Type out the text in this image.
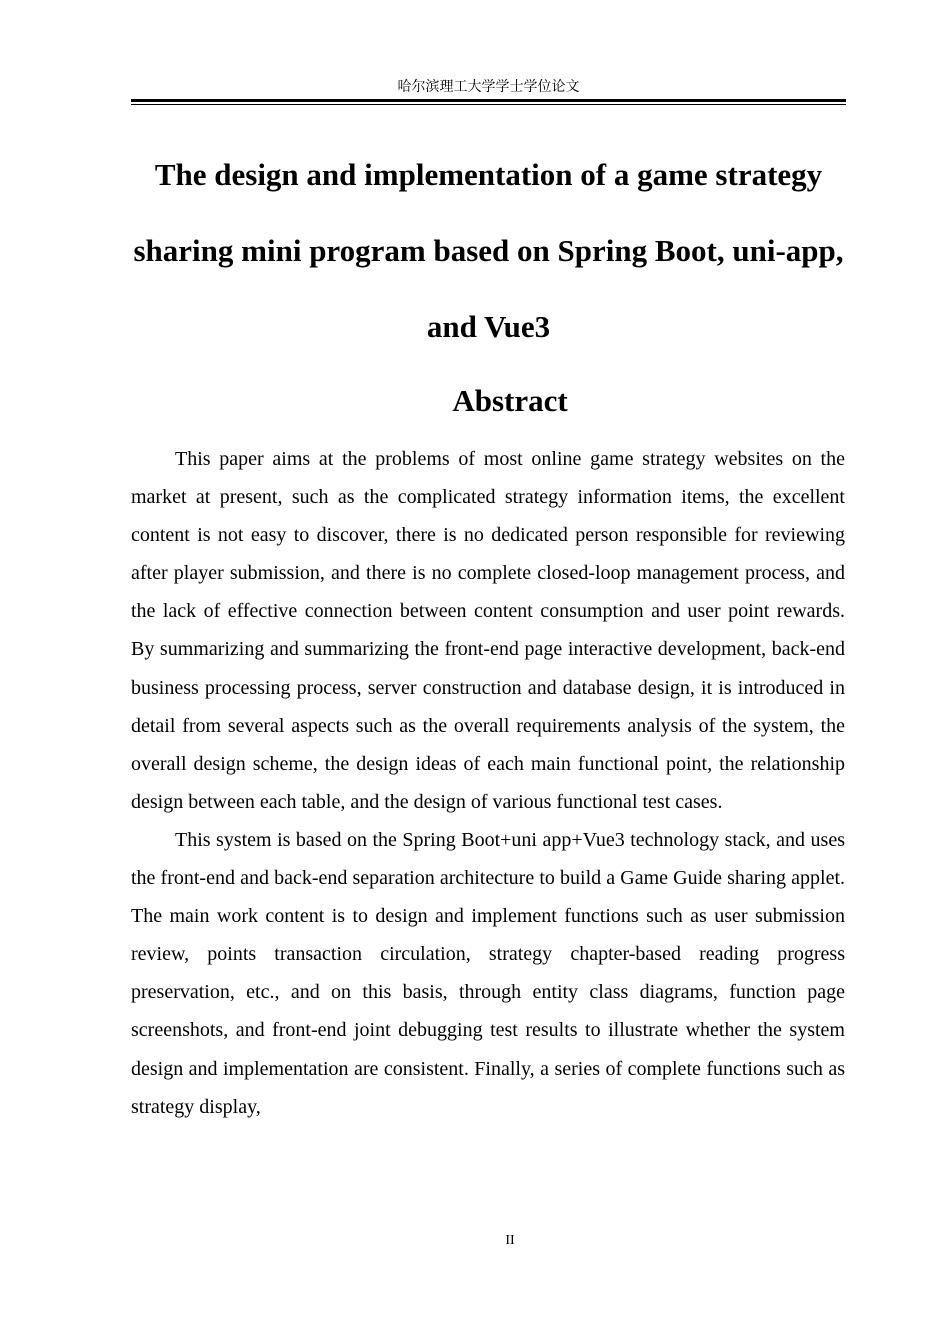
哈尔滨理工大学学士学位论文
The design and implementation of a game strategy sharing mini program based on Spring Boot, uni-app, and Vue3
Abstract

This paper aims at the problems of most online game strategy websites on the market at present, such as the complicated strategy information items, the excellent content is not easy to discover, there is no dedicated person responsible for reviewing after player submission, and there is no complete closed-loop management process, and the lack of effective connection between content consumption and user point rewards. By summarizing and summarizing the front-end page interactive development, back-end business processing process, server construction and database design, it is introduced in detail from several aspects such as the overall requirements analysis of the system, the overall design scheme, the design ideas of each main functional point, the relationship design between each table, and the design of various functional test cases.

This system is based on the Spring Boot+uni app+Vue3 technology stack, and uses the front-end and back-end separation architecture to build a Game Guide sharing applet. The main work content is to design and implement functions such as user submission review, points transaction circulation, strategy chapter-based reading progress preservation, etc., and on this basis, through entity class diagrams, function page screenshots, and front-end joint debugging test results to illustrate whether the system design and implementation are consistent. Finally, a series of complete functions such as strategy display,

II
